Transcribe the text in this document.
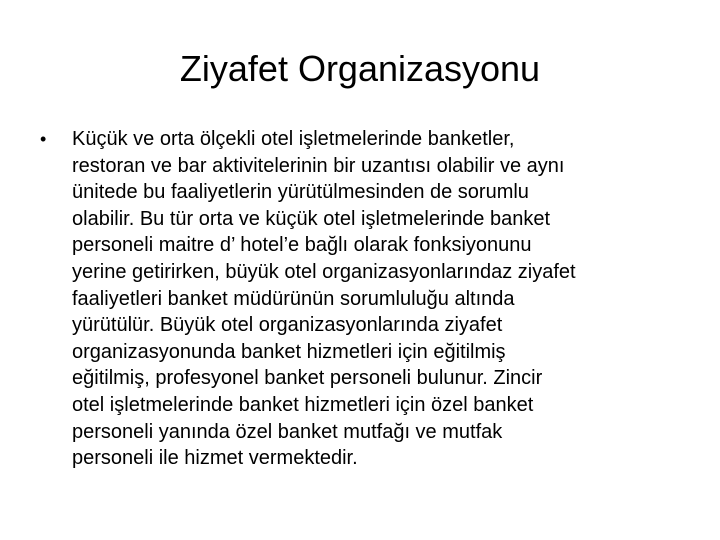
Ziyafet Organizasyonu
• Küçük ve orta ölçekli otel işletmelerinde banketler,
restoran ve bar aktivitelerinin bir uzantısı olabilir ve aynı
ünitede bu faaliyetlerin yürütülmesinden de sorumlu
olabilir. Bu tür orta ve küçük otel işletmelerinde banket
personeli maitre d’ hotel’e bağlı olarak fonksiyonunu
yerine getirirken, büyük otel organizasyonlarındaz ziyafet
faaliyetleri banket müdürünün sorumluluğu altında
yürütülür. Büyük otel organizasyonlarında ziyafet
organizasyonunda banket hizmetleri için eğitilmiş
eğitilmiş, profesyonel banket personeli bulunur. Zincir
otel işletmelerinde banket hizmetleri için özel banket
personeli yanında özel banket mutfağı ve mutfak
personeli ile hizmet vermektedir.
